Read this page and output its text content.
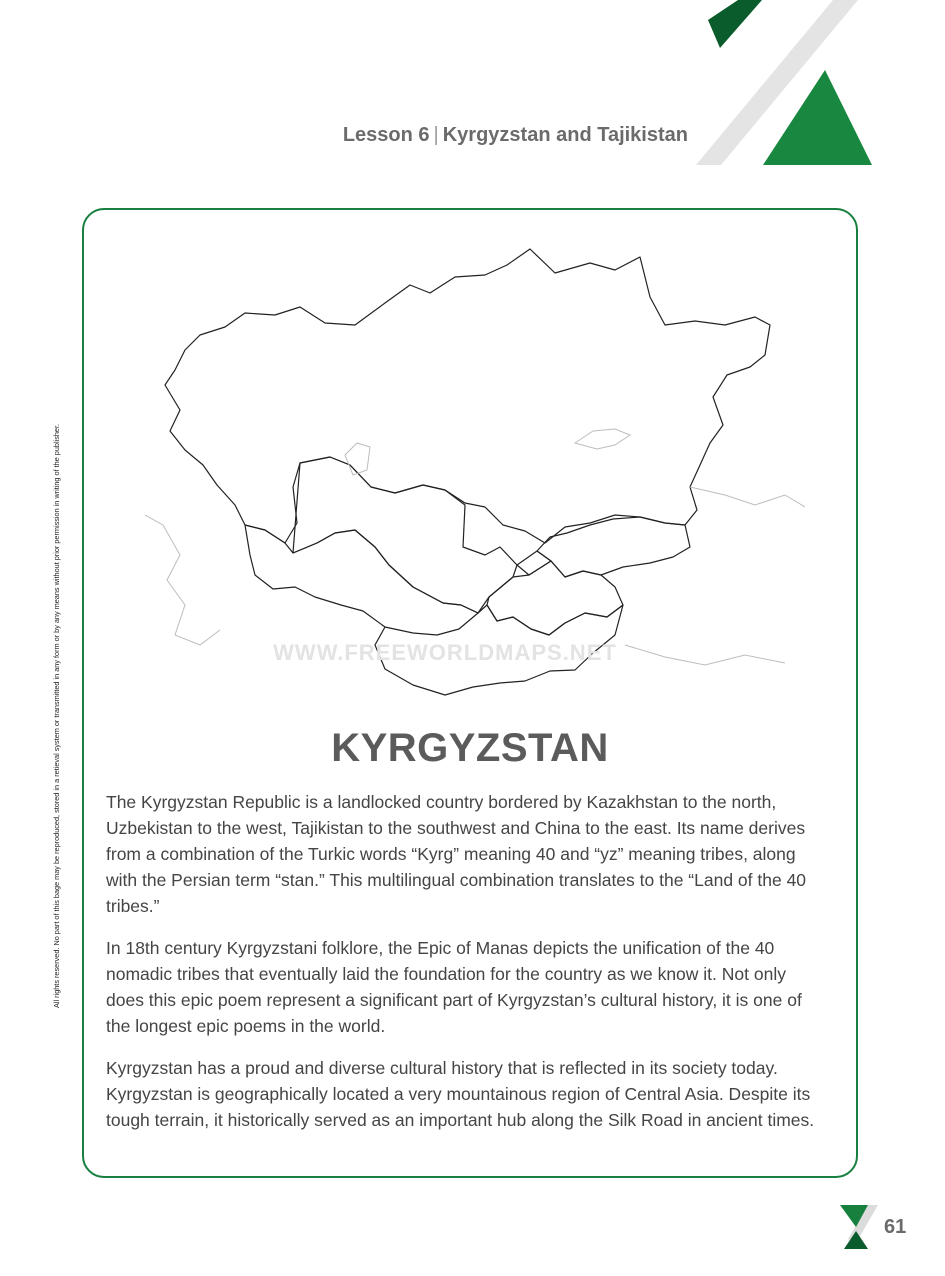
Lesson 6 | Kyrgyzstan and Tajikistan
All rights reserved. No part of this bage may be reproduced, stored in a retieval system or transmitted in any form or by any means without prior permission in writing of the publisher.	WWW.FREEWORLDMAPS.NET
KYRGYZSTAN

The Kyrgyzstan Republic is a landlocked country bordered by Kazakhstan to the north, Uzbekistan to the west, Tajikistan to the southwest and China to the east. Its name derives from a combination of the Turkic words “Kyrg” meaning 40 and “yz” meaning tribes, along with the Persian term “stan.” This multilingual combination translates to the “Land of the 40 tribes.”

In 18th century Kyrgyzstani folklore, the Epic of Manas depicts the unification of the 40 nomadic tribes that eventually laid the foundation for the country as we know it. Not only does this epic poem represent a significant part of Kyrgyzstan’s cultural history, it is one of the longest epic poems in the world.

Kyrgyzstan has a proud and diverse cultural history that is reflected in its society today. Kyrgyzstan is geographically located a very mountainous region of Central Asia. Despite its tough terrain, it historically served as an important hub along the Silk Road in ancient times.

61
